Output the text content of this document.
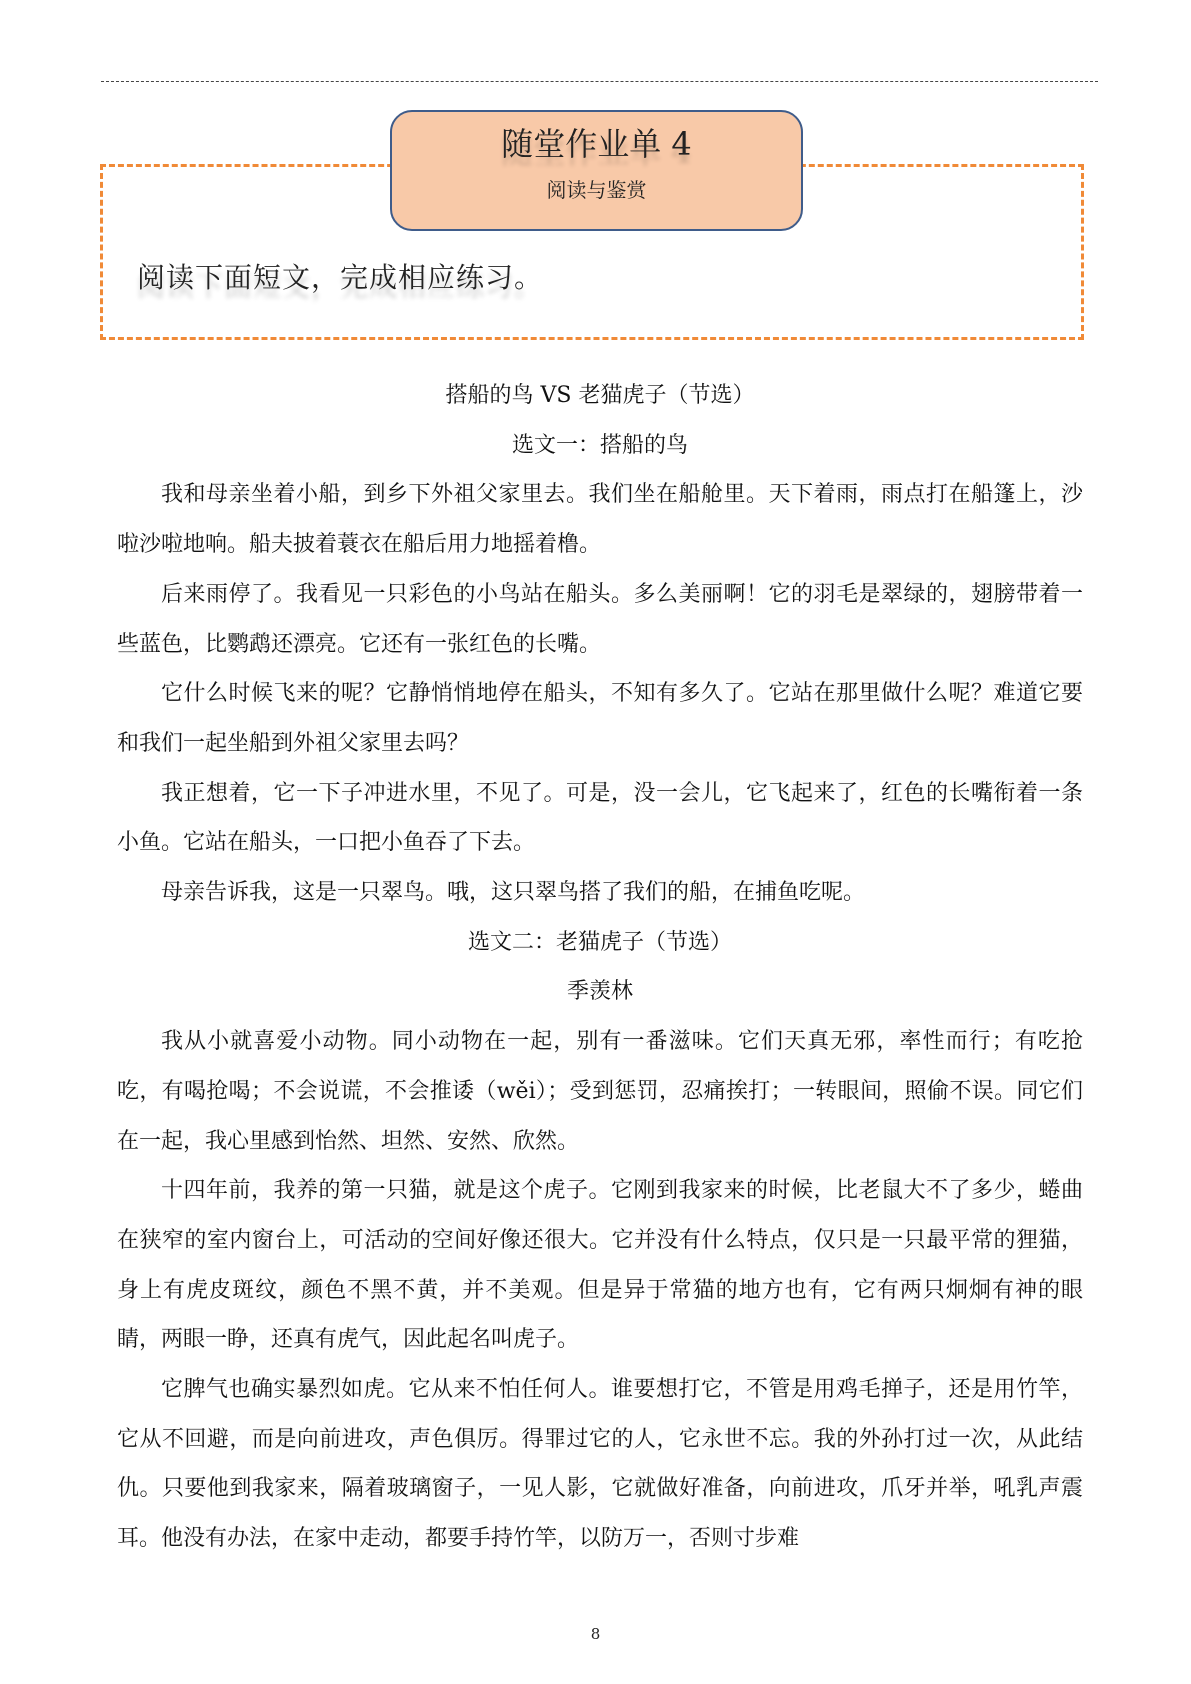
随堂作业单 4
阅读与鉴赏
阅读下面短文，完成相应练习。

搭船的鸟 VS 老猫虎子（节选）

选文一：搭船的鸟

我和母亲坐着小船，到乡下外祖父家里去。我们坐在船舱里。天下着雨，雨点打在船篷上，沙啦沙啦地响。船夫披着蓑衣在船后用力地摇着橹。

后来雨停了。我看见一只彩色的小鸟站在船头。多么美丽啊！它的羽毛是翠绿的，翅膀带着一些蓝色，比鹦鹉还漂亮。它还有一张红色的长嘴。

它什么时候飞来的呢？它静悄悄地停在船头，不知有多久了。它站在那里做什么呢？难道它要和我们一起坐船到外祖父家里去吗？

我正想着，它一下子冲进水里，不见了。可是，没一会儿，它飞起来了，红色的长嘴衔着一条小鱼。它站在船头，一口把小鱼吞了下去。

母亲告诉我，这是一只翠鸟。哦，这只翠鸟搭了我们的船，在捕鱼吃呢。

选文二：老猫虎子（节选）

季羡林

我从小就喜爱小动物。同小动物在一起，别有一番滋味。它们天真无邪，率性而行；有吃抢吃，有喝抢喝；不会说谎，不会推诿（wěi）；受到惩罚，忍痛挨打；一转眼间，照偷不误。同它们在一起，我心里感到怡然、坦然、安然、欣然。

十四年前，我养的第一只猫，就是这个虎子。它刚到我家来的时候，比老鼠大不了多少，蜷曲在狭窄的室内窗台上，可活动的空间好像还很大。它并没有什么特点，仅只是一只最平常的狸猫，身上有虎皮斑纹，颜色不黑不黄，并不美观。但是异于常猫的地方也有，它有两只炯炯有神的眼睛，两眼一睁，还真有虎气，因此起名叫虎子。

它脾气也确实暴烈如虎。它从来不怕任何人。谁要想打它，不管是用鸡毛掸子，还是用竹竿，它从不回避，而是向前进攻，声色俱厉。得罪过它的人，它永世不忘。我的外孙打过一次，从此结仇。只要他到我家来，隔着玻璃窗子，一见人影，它就做好准备，向前进攻，爪牙并举，吼乳声震耳。他没有办法，在家中走动，都要手持竹竿，以防万一，否则寸步难

8
